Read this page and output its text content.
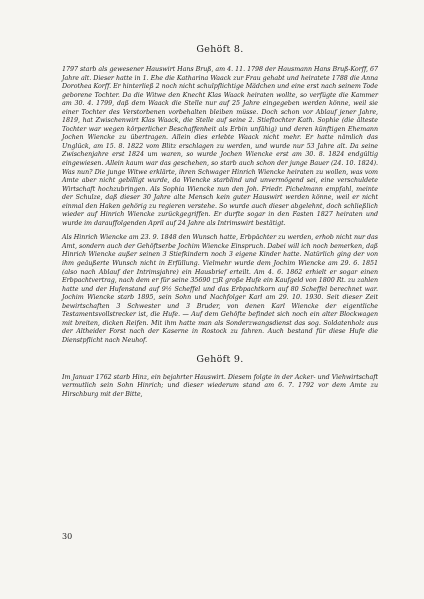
Gehöft 8.

1797 starb als gewesener Hauswirt Hans Bruß, am 4. 11. 1798 der Hausmann Hans Bruß-Korff, 67 Jahre alt. Dieser hatte in 1. Ehe die Katharina Waack zur Frau gehabt und heiratete 1788 die Anna Dorothea Korff. Er hinterließ 2 noch nicht schulpflichtige Mädchen und eine erst nach seinem Tode geborene Tochter. Da die Witwe den Knecht Klas Waack heiraten wollte, so verfügte die Kammer am 30. 4. 1799, daß dem Waack die Stelle nur auf 25 Jahre eingegeben werden könne, weil sie einer Tochter des Verstorbenen vorbehalten bleiben müsse. Doch schon vor Ablauf jener Jahre, 1819, hat Zwischenwirt Klas Waack, die Stelle auf seine 2. Stieftochter Kath. Sophie (die älteste Tochter war wegen körperlicher Beschaffenheit als Erbin unfähig) und deren künftigen Ehemann Jochen Wiencke zu übertragen. Allein dies erlebte Waack nicht mehr. Er hatte nämlich das Unglück, am 15. 8. 1822 vom Blitz erschlagen zu werden, und wurde nur 53 Jahre alt. Da seine Zwischenjahre erst 1824 um waren, so wurde Jochen Wiencke erst am 30. 8. 1824 endgültig eingewiesen. Allein kaum war das geschehen, so starb auch schon der junge Bauer (24. 10. 1824). Was nun? Die junge Witwe erklärte, ihren Schwager Hinrich Wiencke heiraten zu wollen, was vom Amte aber nicht gebilligt wurde, da Wiencke starblind und unvermögend sei, eine verschuldete Wirtschaft hochzubringen. Als Sophia Wiencke nun den Joh. Friedr. Pichelmann empfahl, meinte der Schulze, daß dieser 30 Jahre alte Mensch kein guter Hauswirt werden könne, weil er nicht einmal den Haken gehörig zu regieren verstehe. So wurde auch dieser abgelehnt, doch schließlich wieder auf Hinrich Wiencke zurückgegriffen. Er durfte sogar in den Fasten 1827 heiraten und wurde im darauffolgenden April auf 24 Jahre als Intrimswirt bestätigt.

Als Hinrich Wiencke am 23. 9. 1848 den Wunsch hatte, Erbpächter zu werden, erhob nicht nur das Amt, sondern auch der Gehöftserbe Jochim Wiencke Einspruch. Dabei will ich noch bemerken, daß Hinrich Wiencke außer seinen 3 Stiefkindern noch 3 eigene Kinder hatte. Natürlich ging der von ihm geäußerte Wunsch nicht in Erfüllung. Vielmehr wurde dem Jochim Wiencke am 29. 6. 1851 (also nach Ablauf der Intrimsjahre) ein Hausbrief erteilt. Am 4. 6. 1862 erhielt er sogar einen Erbpachtvertrag, nach dem er für seine 35690 □R große Hufe ein Kaufgeld von 1800 Rt. zu zahlen hatte und der Hufenstand auf 9½ Scheffel und das Erbpachtkorn auf 80 Scheffel berechnet war. Jochim Wiencke starb 1895, sein Sohn und Nachfolger Karl am 29. 10. 1930. Seit dieser Zeit bewirtschaften 3 Schwester und 3 Bruder, von denen Karl Wiencke der eigentliche Testamentsvollstrecker ist, die Hufe. — Auf dem Gehöfte befindet sich noch ein alter Blockwagen mit breiten, dicken Reifen. Mit ihm hatte man als Sonderzwangsdienst das sog. Soldatenholz aus der Altheider Forst nach der Kaserne in Rostock zu fahren. Auch bestand für diese Hufe die Dienstpflicht nach Neuhof.

Gehöft 9.

Im Januar 1762 starb Hinz, ein bejahrter Hauswirt. Diesem folgte in der Acker- und Viehwirtschaft vermutlich sein Sohn Hinrich; und dieser wiederum stand am 6. 7. 1792 vor dem Amte zu Hirschburg mit der Bitte,

30
